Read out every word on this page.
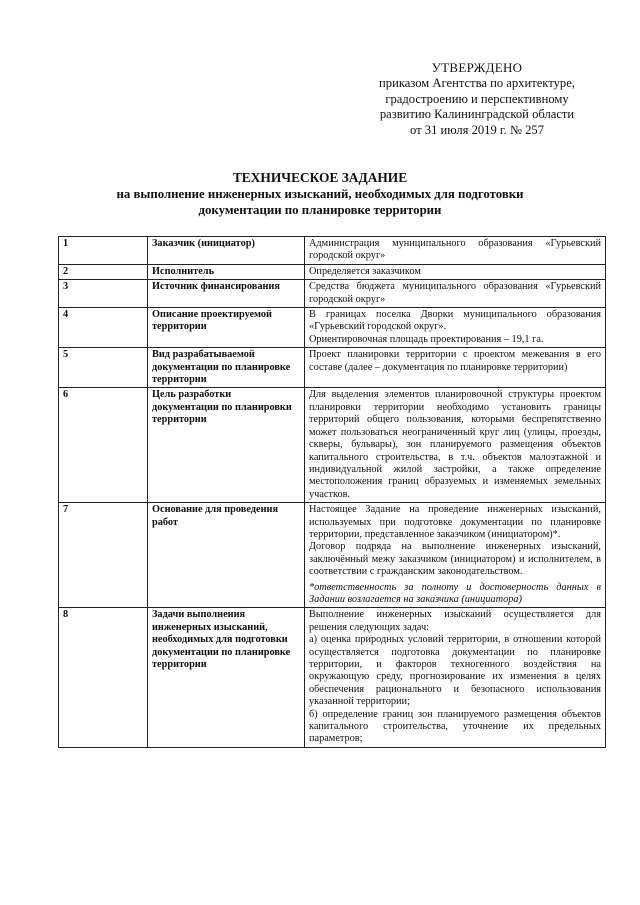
УТВЕРЖДЕНО
приказом Агентства по архитектуре,
градостроению и перспективному
развитию Калининградской области
от 31 июля 2019 г. № 257
ТЕХНИЧЕСКОЕ ЗАДАНИЕ
на выполнение инженерных изысканий, необходимых для подготовки
документации по планировке территории
1	Заказчик (инициатор)	Администрация муниципального образования «Гурьевский городской округ»

2	Исполнитель	Определяется заказчиком

3	Источник финансирования	Средства бюджета муниципального образования «Гурьевский городской округ»

4	Описание проектируемой территории	В границах поселка Дворки муниципального образования «Гурьевский городской округ».

Ориентировочная площадь проектирования – 19,1 га.

5	Вид разрабатываемой документации по планировке территории	Проект планировки территории с проектом межевания в его составе (далее – документация по планировке территории)

6	Цель разработки документации по планировки территории	Для выделения элементов планировочной структуры проектом планировки территории необходимо установить границы территорий общего пользования, которыми беспрепятственно может пользоваться неограниченный круг лиц (улицы, проезды, скверы, бульвары), зон планируемого размещения объектов капитального строительства, в т.ч. объектов малоэтажной и индивидуальной жилой застройки, а также определение местоположения границ образуемых и изменяемых земельных участков.

7	Основание для проведения работ	Настоящее Задание на проведение инженерных изысканий, используемых при подготовке документации по планировке территории, представленное заказчиком (инициатором)*.

Договор подряда на выполнение инженерных изысканий, заключённый межу заказчиком (инициатором) и исполнителем, в соответствии с гражданским законодательством.

*ответственность за полноту и достоверность данных в Задании возлагается на заказчика (инициатора)

8	Задачи выполнения инженерных изысканий, необходимых для подготовки документации по планировке территории	Выполнение инженерных изысканий осуществляется для решения следующих задач:

а) оценка природных условий территории, в отношении которой осуществляется подготовка документации по планировке территории, и факторов техногенного воздействия на окружающую среду, прогнозирование их изменения в целях обеспечения рационального и безопасного использования указанной территории;

б) определение границ зон планируемого размещения объектов капитального строительства, уточнение их предельных параметров;
